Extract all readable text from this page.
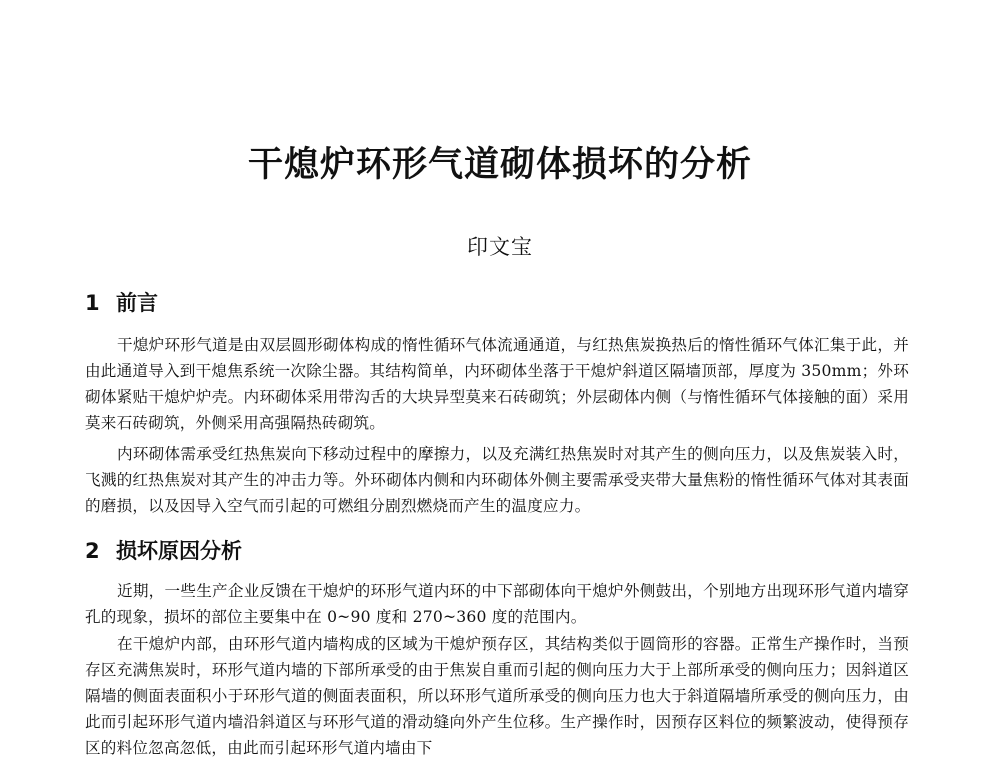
干熄炉环形气道砌体损坏的分析
印文宝
1 前言

干熄炉环形气道是由双层圆形砌体构成的惰性循环气体流通通道，与红热焦炭换热后的惰性循环气体汇集于此，并由此通道导入到干熄焦系统一次除尘器。其结构简单，内环砌体坐落于干熄炉斜道区隔墙顶部，厚度为 350mm；外环砌体紧贴干熄炉炉壳。内环砌体采用带沟舌的大块异型莫来石砖砌筑；外层砌体内侧（与惰性循环气体接触的面）采用莫来石砖砌筑，外侧采用高强隔热砖砌筑。

内环砌体需承受红热焦炭向下移动过程中的摩擦力，以及充满红热焦炭时对其产生的侧向压力，以及焦炭装入时，飞溅的红热焦炭对其产生的冲击力等。外环砌体内侧和内环砌体外侧主要需承受夹带大量焦粉的惰性循环气体对其表面的磨损，以及因导入空气而引起的可燃组分剧烈燃烧而产生的温度应力。

2 损坏原因分析

近期，一些生产企业反馈在干熄炉的环形气道内环的中下部砌体向干熄炉外侧鼓出，个别地方出现环形气道内墙穿孔的现象，损坏的部位主要集中在 0~90 度和 270~360 度的范围内。

在干熄炉内部，由环形气道内墙构成的区域为干熄炉预存区，其结构类似于圆筒形的容器。正常生产操作时，当预存区充满焦炭时，环形气道内墙的下部所承受的由于焦炭自重而引起的侧向压力大于上部所承受的侧向压力；因斜道区隔墙的侧面表面积小于环形气道的侧面表面积，所以环形气道所承受的侧向压力也大于斜道隔墙所承受的侧向压力，由此而引起环形气道内墙沿斜道区与环形气道的滑动缝向外产生位移。生产操作时，因预存区料位的频繁波动，使得预存区的料位忽高忽低，由此而引起环形气道内墙由下
